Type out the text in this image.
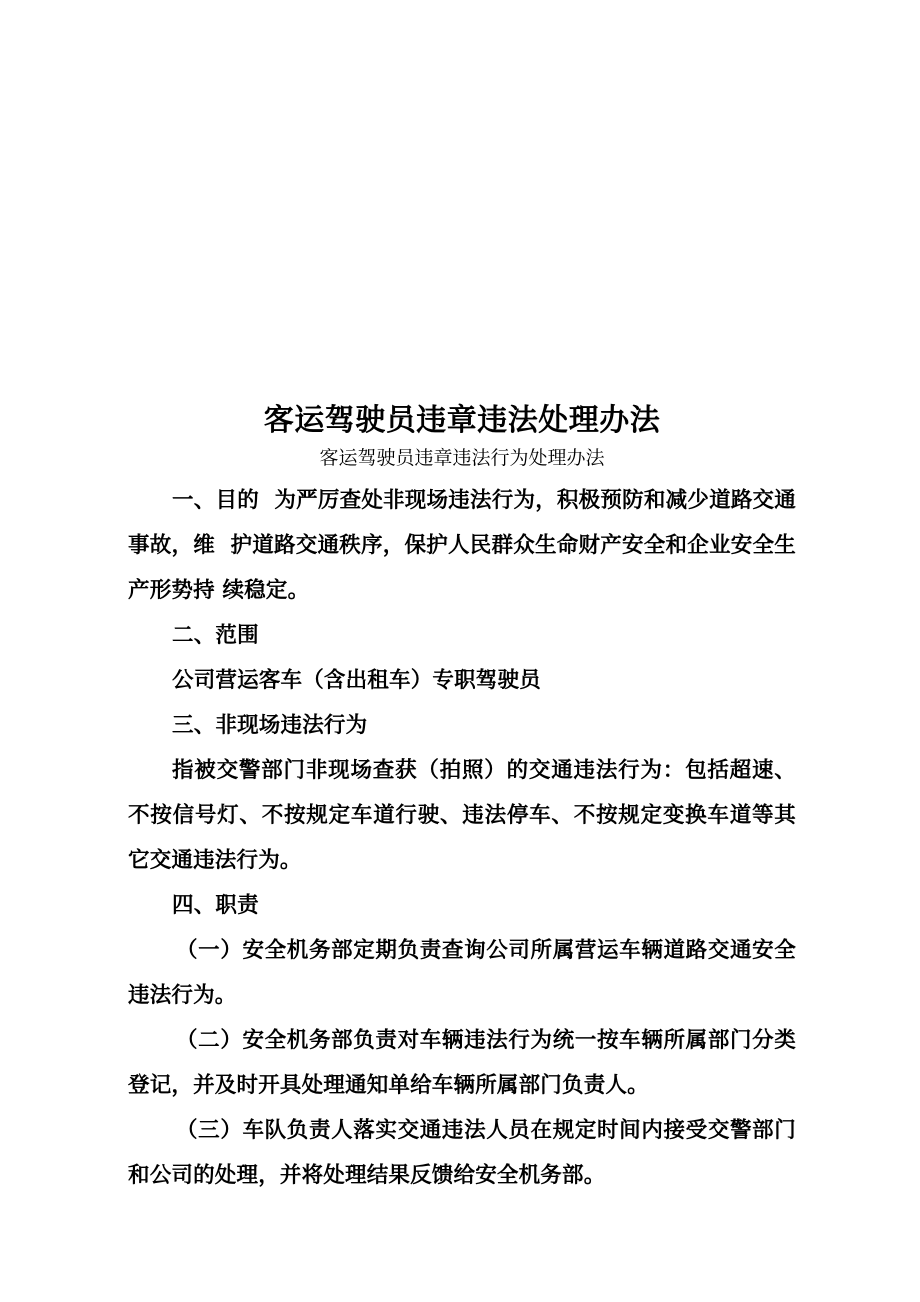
客运驾驶员违章违法处理办法
客运驾驶员违章违法行为处理办法

一、目的  为严厉查处非现场违法行为，积极预防和减少道路交通事故，维  护道路交通秩序，保护人民群众生命财产安全和企业安全生产形势持 续稳定。

二、范围

公司营运客车（含出租车）专职驾驶员

三、非现场违法行为

指被交警部门非现场查获（拍照）的交通违法行为：包括超速、 不按信号灯、不按规定车道行驶、违法停车、不按规定变换车道等其  它交通违法行为。

四、职责

（一）安全机务部定期负责查询公司所属营运车辆道路交通安全  违法行为。

（二）安全机务部负责对车辆违法行为统一按车辆所属部门分类  登记，并及时开具处理通知单给车辆所属部门负责人。

（三）车队负责人落实交通违法人员在规定时间内接受交警部门  和公司的处理，并将处理结果反馈给安全机务部。
